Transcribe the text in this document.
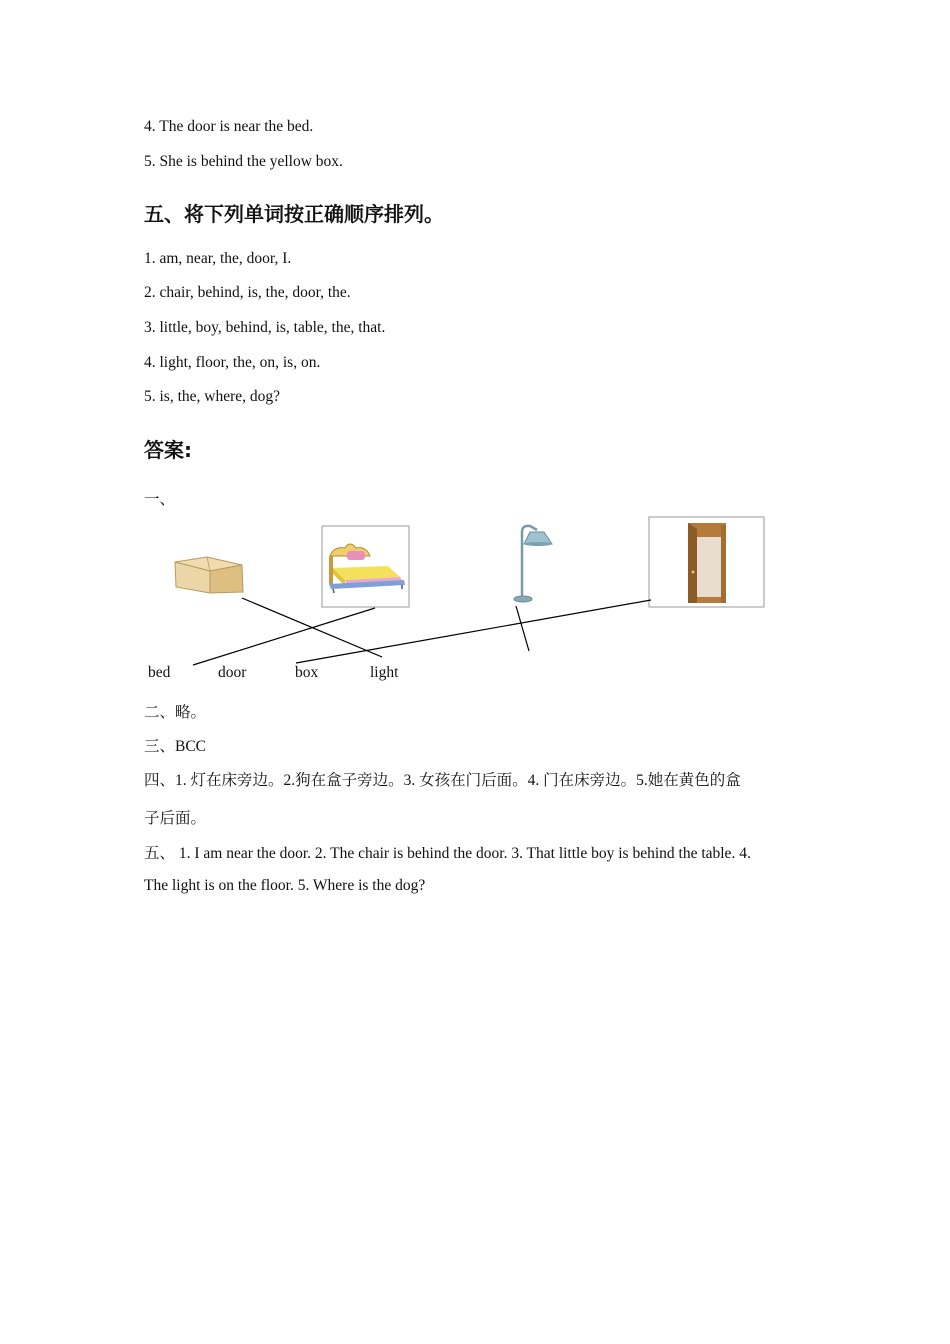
4. The door is near the bed.
5. She is behind the yellow box.
五、将下列单词按正确顺序排列。
1. am, near, the, door, I.
2. chair, behind, is, the, door, the.
3. little, boy, behind, is, table, the, that.
4. light, floor, the, on, is, on.
5. is, the, where, dog?
答案:
一、
bed	door	box	light
二、略。
三、BCC
四、1. 灯在床旁边。2.狗在盒子旁边。3. 女孩在门后面。4. 门在床旁边。5.她在黄色的盒
子后面。
五、 1. I am near the door. 2. The chair is behind the door. 3. That little boy is behind the table. 4.
The light is on the floor. 5. Where is the dog?
